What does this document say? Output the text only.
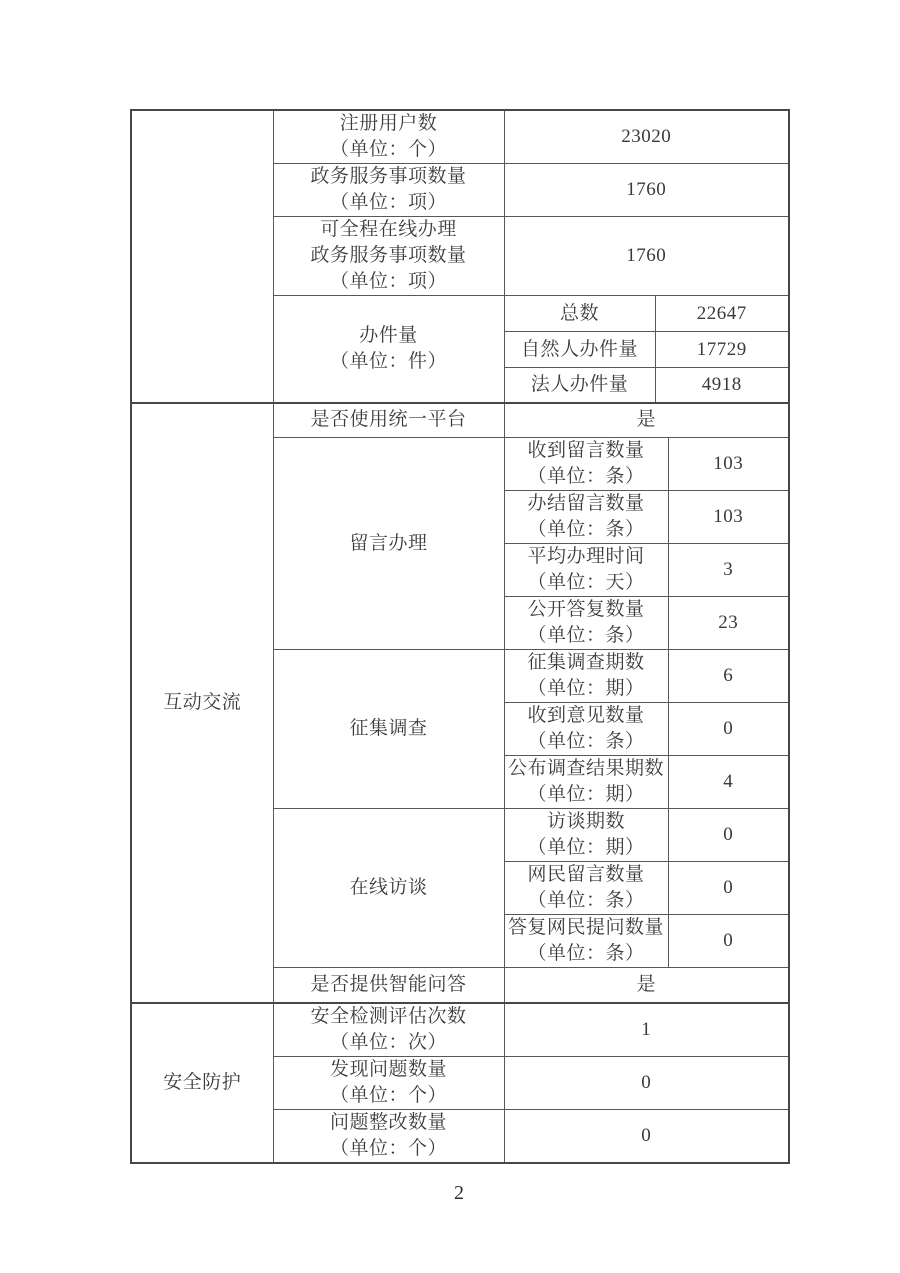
	注册用户数
（单位：个）	23020		

	政务服务事项数量
（单位：项）	1760		

	可全程在线办理
政务服务事项数量
（单位：项）	1760		

	办件量
（单位：件）	总数	22647	
		自然人办件量	17729	
		法人办件量	4918	
互动交流	是否使用统一平台	是		
	留言办理	收到留言数量
（单位：条）		103

		办结留言数量
（单位：条）		103

		平均办理时间
（单位：天）		3

		公开答复数量
（单位：条）		23
	征集调查	征集调查期数
（单位：期）		6

		收到意见数量
（单位：条）		0

		公布调查结果期数
（单位：期）		4
	在线访谈	访谈期数
（单位：期）		0

		网民留言数量
（单位：条）		0

		答复网民提问数量
（单位：条）		0
	是否提供智能问答	是		
安全防护	安全检测评估次数
（单位：次）	1		

	发现问题数量
（单位：个）	0		

	问题整改数量
（单位：个）	0		
2
